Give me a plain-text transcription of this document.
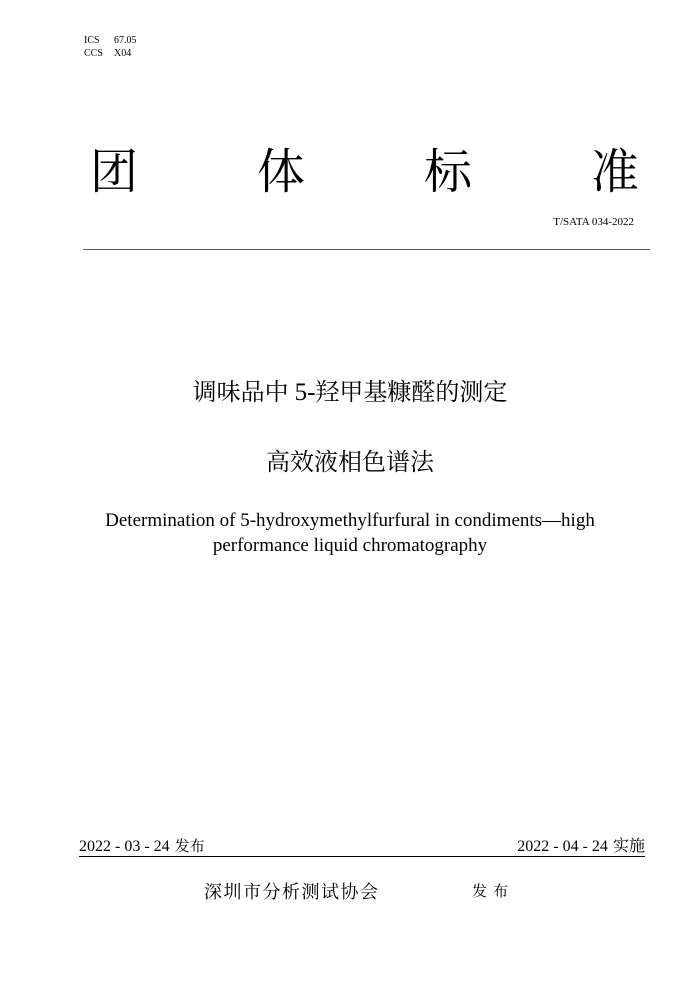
ICS 67.05
CCS X04
团 体 标 准
T/SATA 034-2022
调味品中 5-羟甲基糠醛的测定
高效液相色谱法
Determination of 5-hydroxymethylfurfural in condiments—high
performance liquid chromatography
2022 - 03 - 24 发布	2022 - 04 - 24 实施
深圳市分析测试协会	发布
